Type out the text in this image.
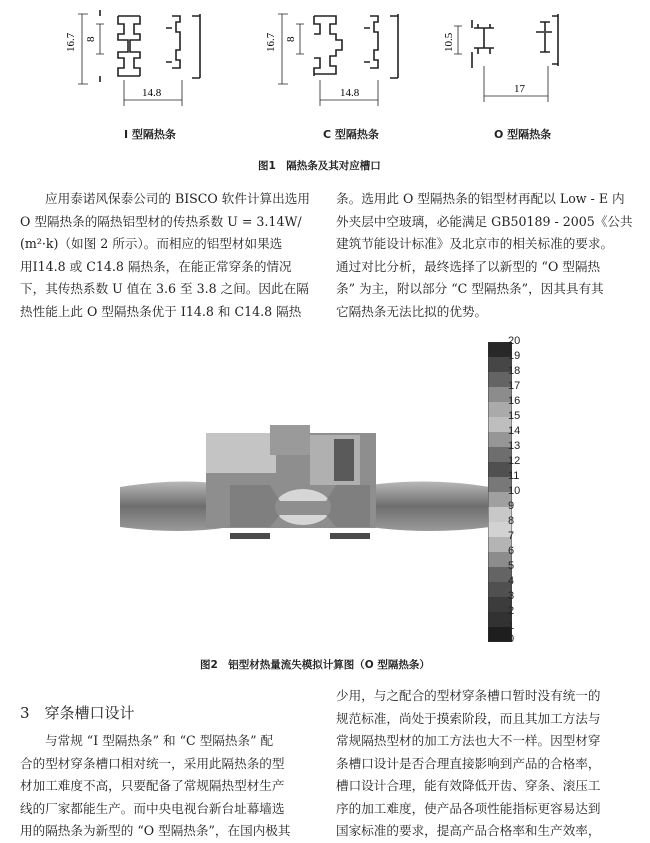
16.7 8
14.8
I 型隔热条
16.7 8
14.8
C 型隔热条
10.5
17
O 型隔热条
图1　隔热条及其对应槽口
应用泰诺风保泰公司的 BISCO 软件计算出选用
O 型隔热条的隔热铝型材的传热系数 U = 3.14W/
(m²·k)（如图 2 所示）。而相应的铝型材如果选
用I14.8 或 C14.8 隔热条，在能正常穿条的情况
下，其传热系数 U 值在 3.6 至 3.8 之间。因此在隔
热性能上此 O 型隔热条优于 I14.8 和 C14.8 隔热
条。选用此 O 型隔热条的铝型材再配以 Low - E 内
外夹层中空玻璃，必能满足 GB50189 - 2005《公共
建筑节能设计标准》及北京市的相关标准的要求。
通过对比分析，最终选择了以新型的 “O 型隔热
条” 为主，附以部分 “C 型隔热条”，因其具有其
它隔热条无法比拟的优势。
20
19
18
17
16
15
14
13
12
11
10
9
8
7
6
5
4
3
2
1
0
图2　铝型材热量流失模拟计算图（O 型隔热条）
3　穿条槽口设计
与常规 “I 型隔热条” 和 “C 型隔热条” 配
合的型材穿条槽口相对统一，采用此隔热条的型
材加工难度不高，只要配备了常规隔热型材生产
线的厂家都能生产。而中央电视台新台址幕墙选
用的隔热条为新型的 “O 型隔热条”，在国内极其
少用，与之配合的型材穿条槽口暂时没有统一的
规范标准，尚处于摸索阶段，而且其加工方法与
常规隔热型材的加工方法也大不一样。因型材穿
条槽口设计是否合理直接影响到产品的合格率，
槽口设计合理，能有效降低开齿、穿条、滚压工
序的加工难度，使产品各项性能指标更容易达到
国家标准的要求，提高产品合格率和生产效率，
